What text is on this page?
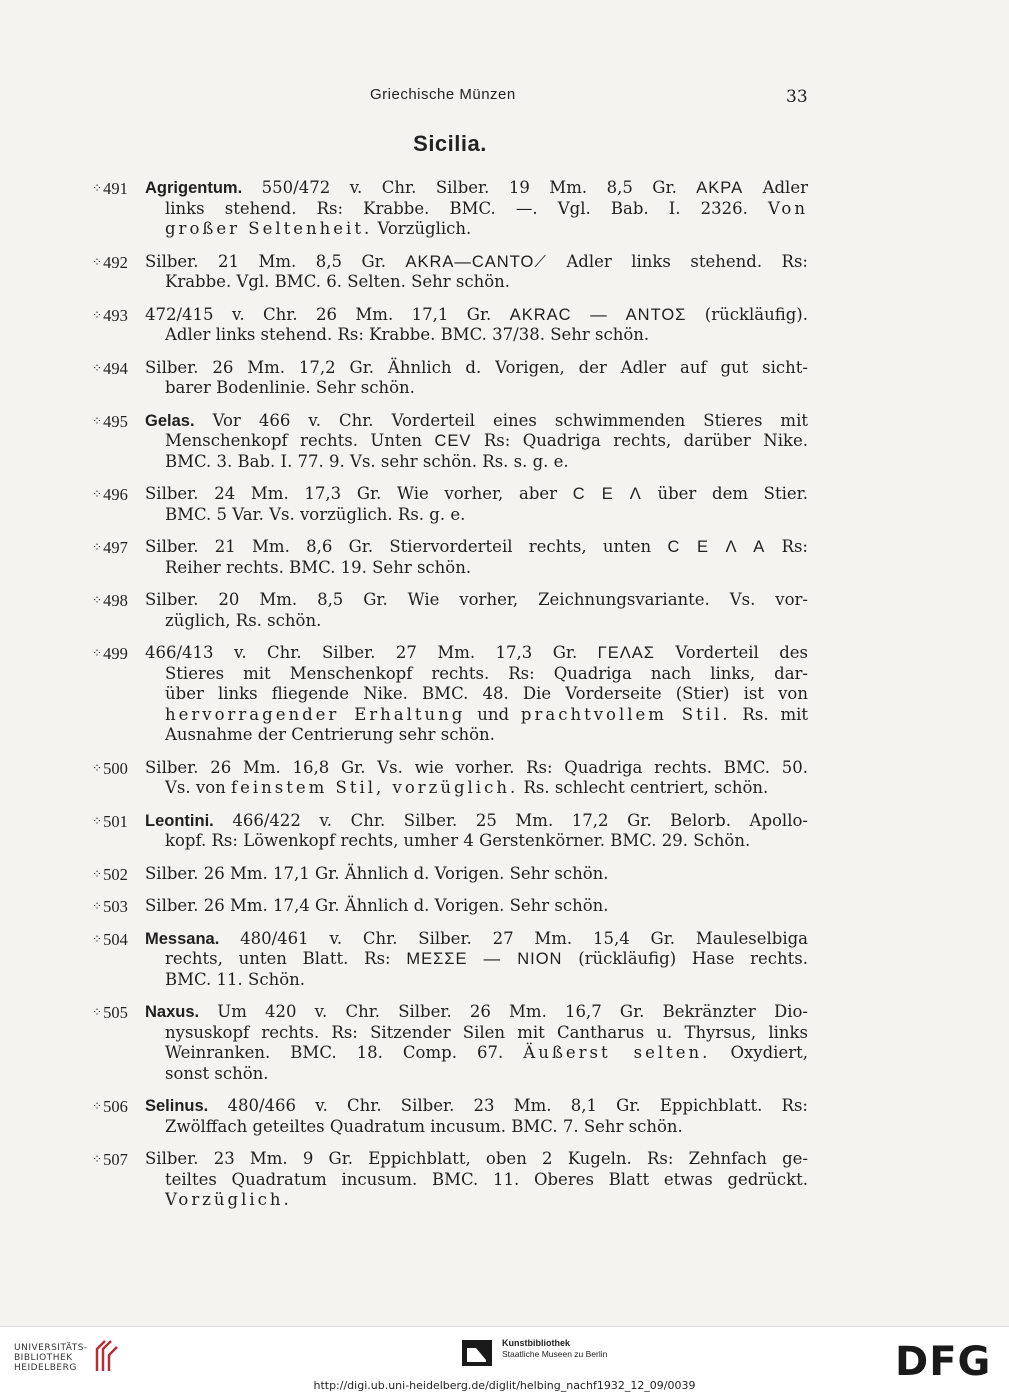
Griechische Münzen	33
Sicilia.
⁘491	Agrigentum. 550/472 v. Chr. Silber. 19 Mm. 8,5 Gr. AKPA Adler
links stehend. Rs: Krabbe. BMC. —. Vgl. Bab. I. 2326. Von
großer Seltenheit. Vorzüglich.
⁘492	Silber. 21 Mm. 8,5 Gr. AKRA—CANTO⟋ Adler links stehend. Rs:
Krabbe. Vgl. BMC. 6. Selten. Sehr schön.
⁘493	472/415 v. Chr. 26 Mm. 17,1 Gr. AKRAC — ANTOΣ (rückläufig).
Adler links stehend. Rs: Krabbe. BMC. 37/38. Sehr schön.
⁘494	Silber. 26 Mm. 17,2 Gr. Ähnlich d. Vorigen, der Adler auf gut sicht-
barer Bodenlinie. Sehr schön.
⁘495	Gelas. Vor 466 v. Chr. Vorderteil eines schwimmenden Stieres mit
Menschenkopf rechts. Unten CEV Rs: Quadriga rechts, darüber Nike.
BMC. 3. Bab. I. 77. 9. Vs. sehr schön. Rs. s. g. e.
⁘496	Silber. 24 Mm. 17,3 Gr. Wie vorher, aber C E Λ über dem Stier.
BMC. 5 Var. Vs. vorzüglich. Rs. g. e.
⁘497	Silber. 21 Mm. 8,6 Gr. Stiervorderteil rechts, unten C E Λ A Rs:
Reiher rechts. BMC. 19. Sehr schön.
⁘498	Silber. 20 Mm. 8,5 Gr. Wie vorher, Zeichnungsvariante. Vs. vor-
züglich, Rs. schön.
⁘499	466/413 v. Chr. Silber. 27 Mm. 17,3 Gr. ΓΕΛΑΣ Vorderteil des
Stieres mit Menschenkopf rechts. Rs: Quadriga nach links, dar-
über links fliegende Nike. BMC. 48. Die Vorderseite (Stier) ist von
hervorragender Erhaltung und prachtvollem Stil. Rs. mit
Ausnahme der Centrierung sehr schön.
⁘500	Silber. 26 Mm. 16,8 Gr. Vs. wie vorher. Rs: Quadriga rechts. BMC. 50.
Vs. von feinstem Stil, vorzüglich. Rs. schlecht centriert, schön.
⁘501	Leontini. 466/422 v. Chr. Silber. 25 Mm. 17,2 Gr. Belorb. Apollo-
kopf. Rs: Löwenkopf rechts, umher 4 Gerstenkörner. BMC. 29. Schön.
⁘502	Silber. 26 Mm. 17,1 Gr. Ähnlich d. Vorigen. Sehr schön.
⁘503	Silber. 26 Mm. 17,4 Gr. Ähnlich d. Vorigen. Sehr schön.
⁘504	Messana. 480/461 v. Chr. Silber. 27 Mm. 15,4 Gr. Mauleselbiga
rechts, unten Blatt. Rs: MEΣΣE — NION (rückläufig) Hase rechts.
BMC. 11. Schön.
⁘505	Naxus. Um 420 v. Chr. Silber. 26 Mm. 16,7 Gr. Bekränzter Dio-
nysuskopf rechts. Rs: Sitzender Silen mit Cantharus u. Thyrsus, links
Weinranken. BMC. 18. Comp. 67. Äußerst selten. Oxydiert,
sonst schön.
⁘506	Selinus. 480/466 v. Chr. Silber. 23 Mm. 8,1 Gr. Eppichblatt. Rs:
Zwölffach geteiltes Quadratum incusum. BMC. 7. Sehr schön.
⁘507	Silber. 23 Mm. 9 Gr. Eppichblatt, oben 2 Kugeln. Rs: Zehnfach ge-
teiltes Quadratum incusum. BMC. 11. Oberes Blatt etwas gedrückt.
Vorzüglich.
UNIVERSITÄTS-
BIBLIOTHEK
HEIDELBERG
Kunstbibliothek
Staatliche Museen zu Berlin	DFG
http://digi.ub.uni-heidelberg.de/diglit/helbing_nachf1932_12_09/0039
